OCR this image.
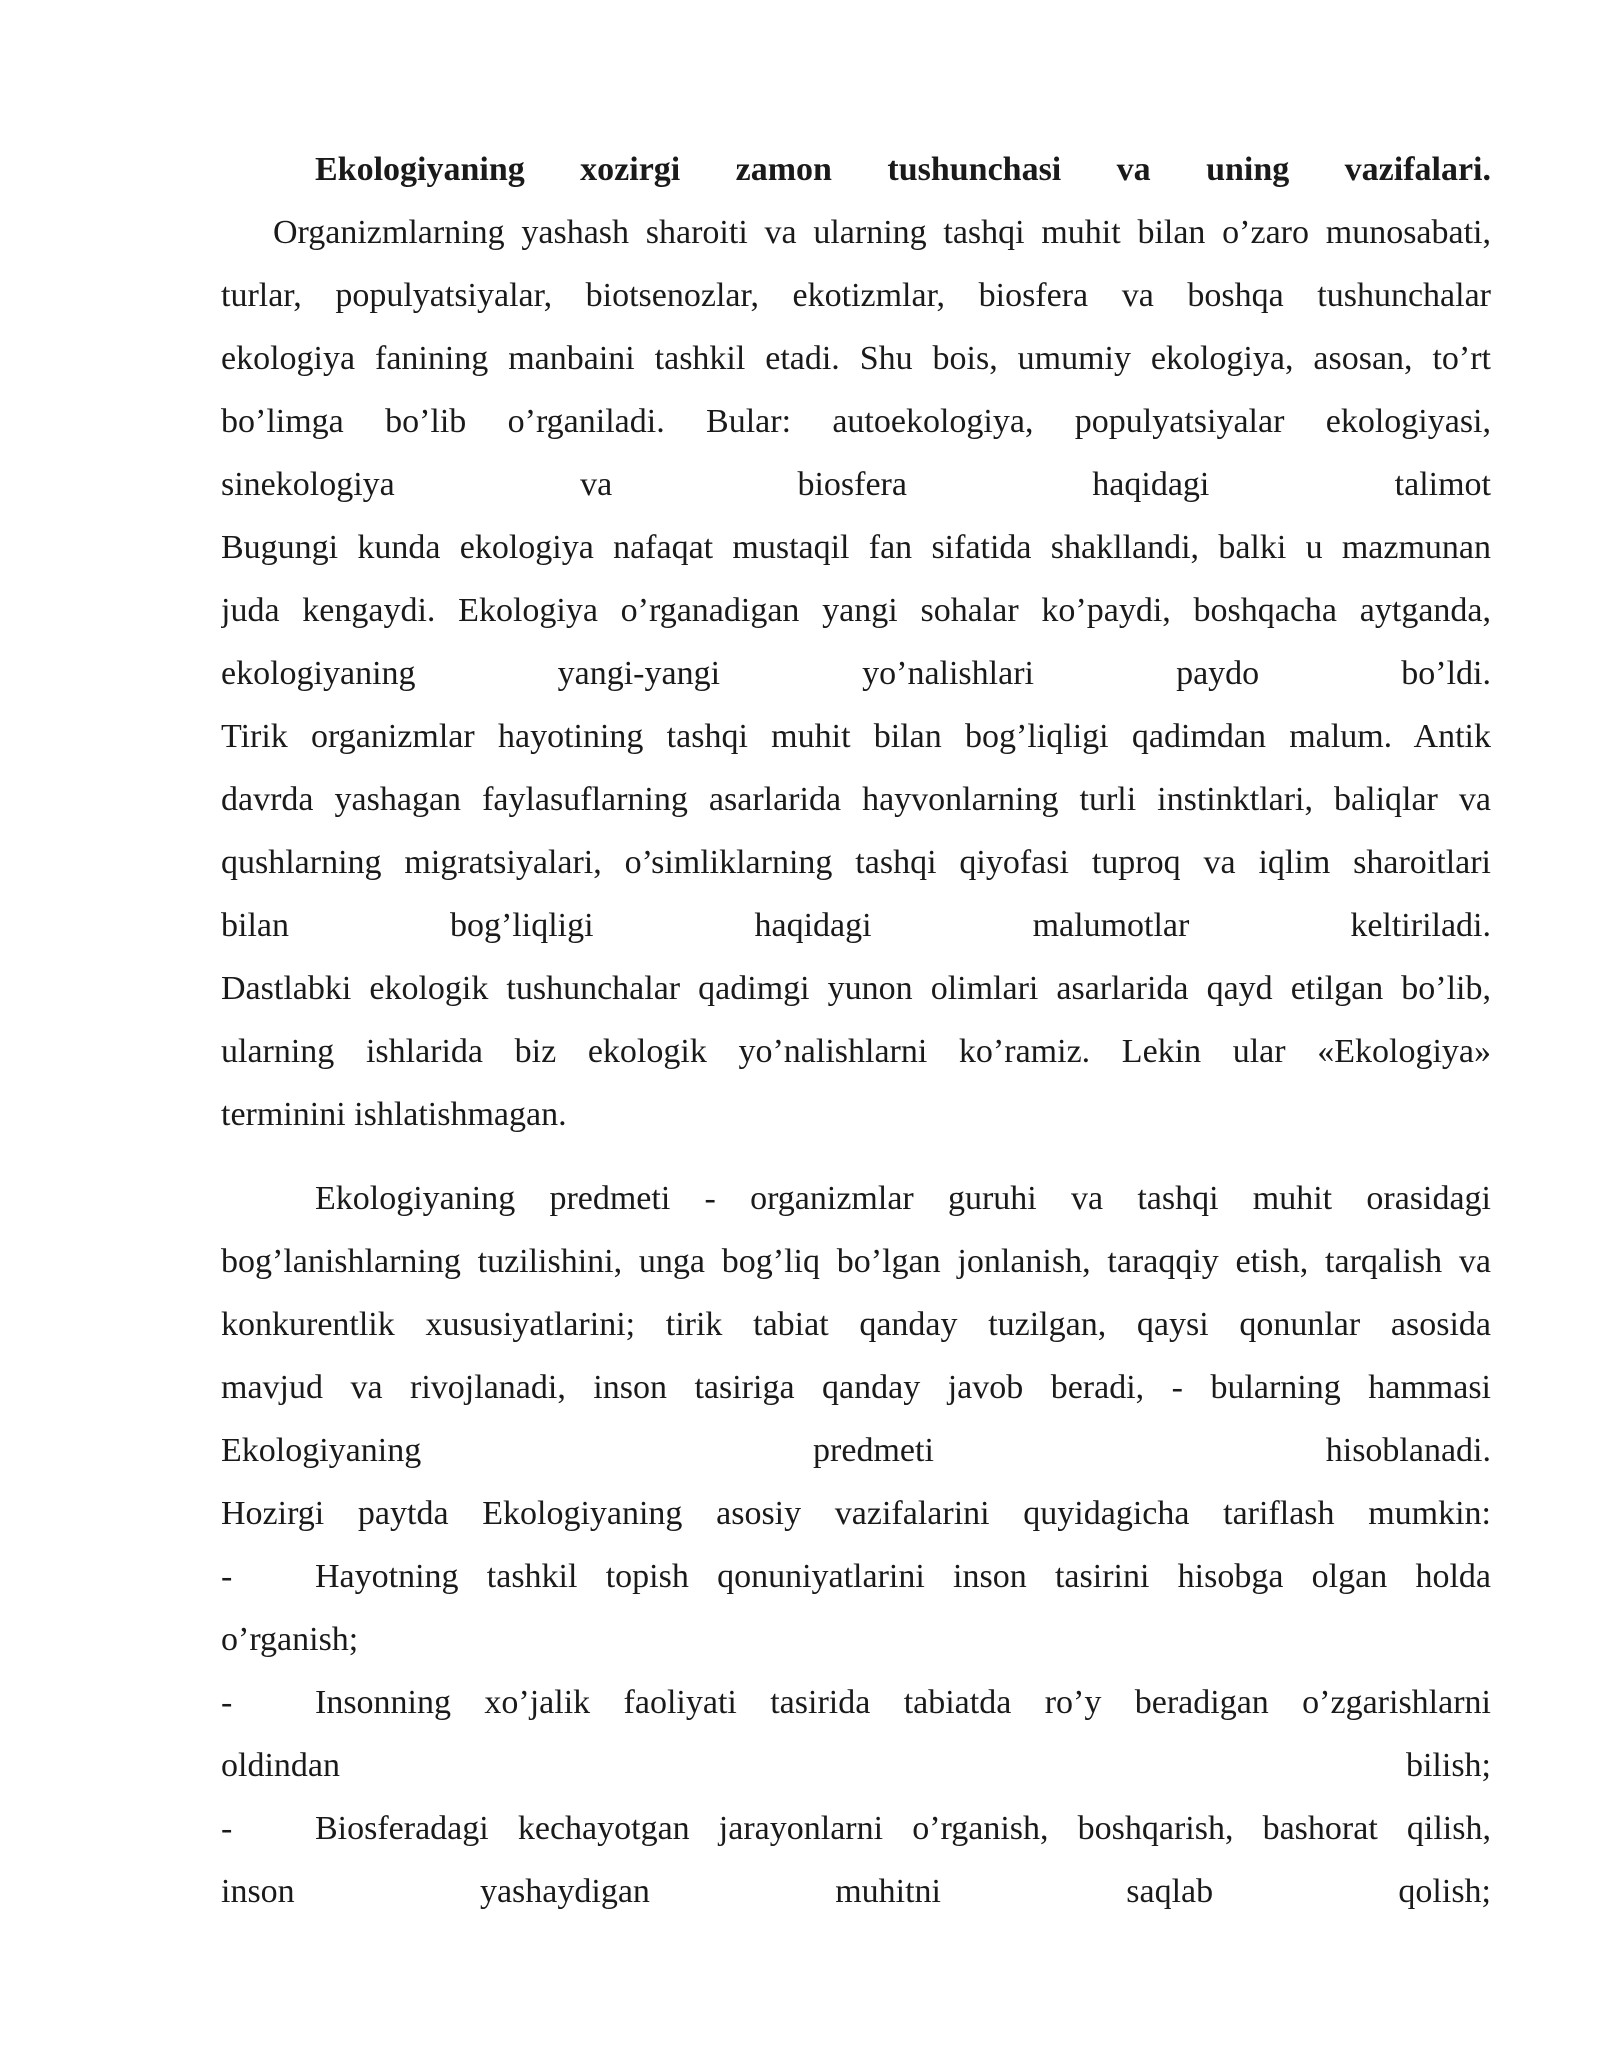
Ekologiyaning xozirgi zamon tushunchasi va uning vazifalari.
Organizmlarning yashash sharoiti va ularning tashqi muhit bilan o’zaro munosabati,
turlar, populyatsiyalar, biotsenozlar, ekotizmlar, biosfera va boshqa tushunchalar
ekologiya fanining manbaini tashkil etadi. Shu bois, umumiy ekologiya, asosan, to’rt
bo’limga bo’lib o’rganiladi. Bular: autoekologiya, populyatsiyalar ekologiyasi,
sinekologiya va biosfera haqidagi talimot
Bugungi kunda ekologiya nafaqat mustaqil fan sifatida shakllandi, balki u mazmunan
juda kengaydi. Ekologiya o’rganadigan yangi sohalar ko’paydi, boshqacha aytganda,
ekologiyaning yangi-yangi yo’nalishlari paydo bo’ldi.
Tirik organizmlar hayotining tashqi muhit bilan bog’liqligi qadimdan malum. Antik
davrda yashagan faylasuflarning asarlarida hayvonlarning turli instinktlari, baliqlar va
qushlarning migratsiyalari, o’simliklarning tashqi qiyofasi tuproq va iqlim sharoitlari
bilan bog’liqligi haqidagi malumotlar keltiriladi.
Dastlabki ekologik tushunchalar qadimgi yunon olimlari asarlarida qayd etilgan bo’lib,
ularning ishlarida biz ekologik yo’nalishlarni ko’ramiz. Lekin ular «Ekologiya»
terminini ishlatishmagan.
Ekologiyaning predmeti - organizmlar guruhi va tashqi muhit orasidagi
bog’lanishlarning tuzilishini, unga bog’liq bo’lgan jonlanish, taraqqiy etish, tarqalish va
konkurentlik xususiyatlarini; tirik tabiat qanday tuzilgan, qaysi qonunlar asosida
mavjud va rivojlanadi, inson tasiriga qanday javob beradi, - bularning hammasi
Ekologiyaning predmeti hisoblanadi.
Hozirgi paytda Ekologiyaning asosiy vazifalarini quyidagicha tariflash mumkin:
-	Hayotning tashkil topish qonuniyatlarini inson tasirini hisobga olgan holda
o’rganish;
-	Insonning xo’jalik faoliyati tasirida tabiatda ro’y beradigan o’zgarishlarni
oldindan bilish;
-	Biosferadagi kechayotgan jarayonlarni o’rganish, boshqarish, bashorat qilish,
inson yashaydigan muhitni saqlab qolish;
